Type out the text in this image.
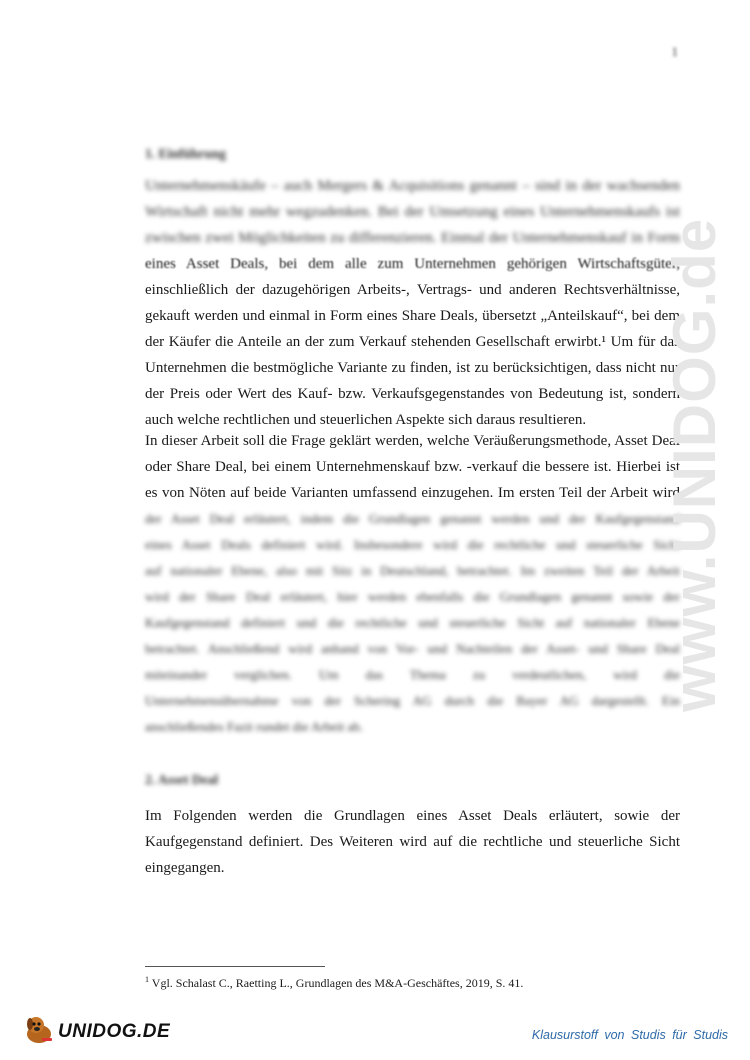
1
1. Einführung
Unternehmenskäufe – auch Mergers & Acquisitions genannt – sind in der wachsenden
Wirtschaft nicht mehr wegzudenken. Bei der Umsetzung eines Unternehmenskaufs ist
zwischen zwei Möglichkeiten zu differenzieren. Einmal der Unternehmenskauf in Form
eines Asset Deals, bei dem alle zum Unternehmen gehörigen Wirtschaftsgüter,
einschließlich der dazugehörigen Arbeits-, Vertrags- und anderen Rechtsverhältnisse,
gekauft werden und einmal in Form eines Share Deals, übersetzt „Anteilskauf“, bei dem
der Käufer die Anteile an der zum Verkauf stehenden Gesellschaft erwirbt.¹ Um für das
Unternehmen die bestmögliche Variante zu finden, ist zu berücksichtigen, dass nicht nur
der Preis oder Wert des Kauf- bzw. Verkaufsgegenstandes von Bedeutung ist, sondern
auch welche rechtlichen und steuerlichen Aspekte sich daraus resultieren.
In dieser Arbeit soll die Frage geklärt werden, welche Veräußerungsmethode, Asset Deal
oder Share Deal, bei einem Unternehmenskauf bzw. -verkauf die bessere ist. Hierbei ist
es von Nöten auf beide Varianten umfassend einzugehen. Im ersten Teil der Arbeit wird
der Asset Deal erläutert, indem die Grundlagen genannt werden und der Kaufgegenstand
eines Asset Deals definiert wird. Insbesondere wird die rechtliche und steuerliche Sicht
auf nationaler Ebene, also mit Sitz in Deutschland, betrachtet. Im zweiten Teil der Arbeit
wird der Share Deal erläutert, hier werden ebenfalls die Grundlagen genannt sowie der
Kaufgegenstand definiert und die rechtliche und steuerliche Sicht auf nationaler Ebene
betrachtet. Anschließend wird anhand von Vor- und Nachteilen der Asset- und Share Deal
miteinander verglichen. Um das Thema zu verdeutlichen, wird die
Unternehmensübernahme von der Schering AG durch die Bayer AG dargestellt. Ein
anschließendes Fazit rundet die Arbeit ab.
2. Asset Deal
Im Folgenden werden die Grundlagen eines Asset Deals erläutert, sowie der
Kaufgegenstand definiert. Des Weiteren wird auf die rechtliche und steuerliche Sicht
eingegangen.
www.UNIDOG.de
$^1$ Vgl. Schalast C., Raetting L., Grundlagen des M&A-Geschäftes, 2019, S. 41.
UNIDOG.DE	Klausurstoff von Studis für Studis
